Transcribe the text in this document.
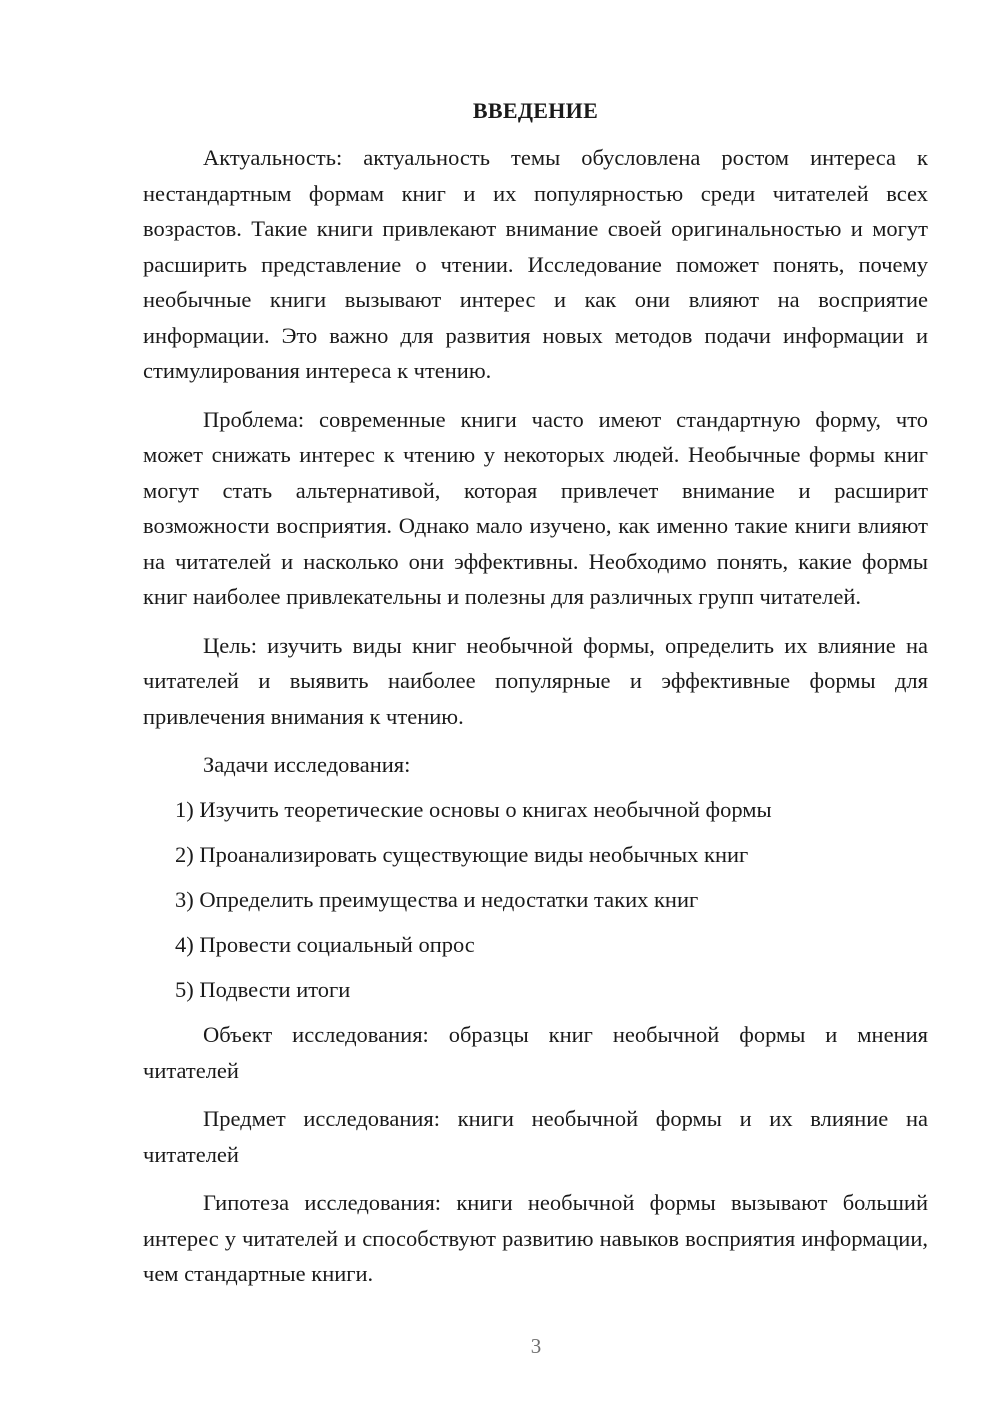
ВВЕДЕНИЕ

Актуальность: актуальность темы обусловлена ростом интереса к нестандартным формам книг и их популярностью среди читателей всех возрастов. Такие книги привлекают внимание своей оригинальностью и могут расширить представление о чтении. Исследование поможет понять, почему необычные книги вызывают интерес и как они влияют на восприятие информации. Это важно для развития новых методов подачи информации и стимулирования интереса к чтению.

Проблема: современные книги часто имеют стандартную форму, что может снижать интерес к чтению у некоторых людей. Необычные формы книг могут стать альтернативой, которая привлечет внимание и расширит возможности восприятия. Однако мало изучено, как именно такие книги влияют на читателей и насколько они эффективны. Необходимо понять, какие формы книг наиболее привлекательны и полезны для различных групп читателей.

Цель: изучить виды книг необычной формы, определить их влияние на читателей и выявить наиболее популярные и эффективные формы для привлечения внимания к чтению.

Задачи исследования:
1) Изучить теоретические основы о книгах необычной формы
2) Проанализировать существующие виды необычных книг
3) Определить преимущества и недостатки таких книг
4) Провести социальный опрос
5) Подвести итоги

Объект исследования: образцы книг необычной формы и мнения читателей

Предмет исследования: книги необычной формы и их влияние на читателей

Гипотеза исследования: книги необычной формы вызывают больший интерес у читателей и способствуют развитию навыков восприятия информации, чем стандартные книги.

3
